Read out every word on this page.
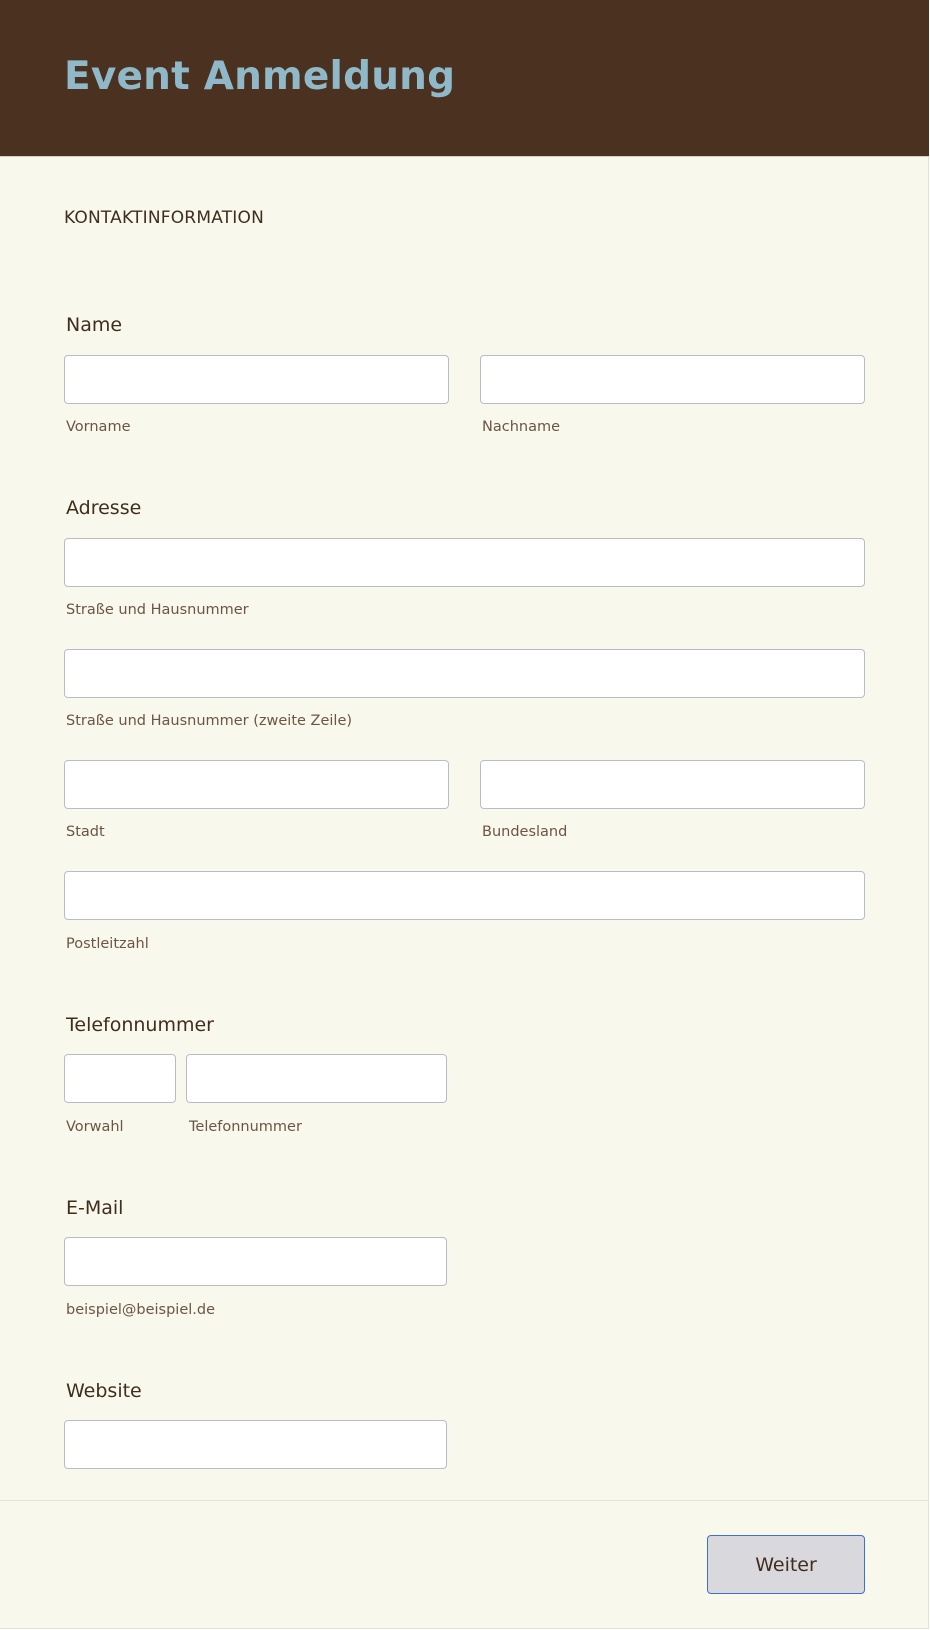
Event Anmeldung
KONTAKTINFORMATION
Name
Vorname	Nachname
Adresse
Straße und Hausnummer
Straße und Hausnummer (zweite Zeile)
Stadt	Bundesland
Postleitzahl
Telefonnummer
Vorwahl	Telefonnummer
E-Mail
beispiel@beispiel.de
Website
Weiter
